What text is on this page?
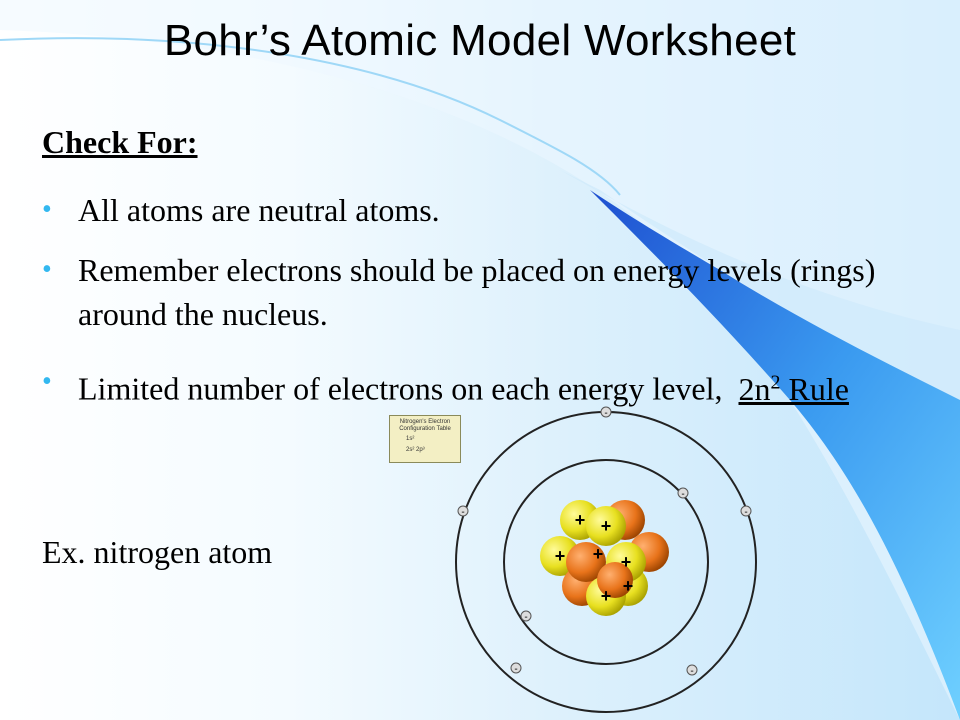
Bohr’s Atomic Model Worksheet
Check For:
• All atoms are neutral atoms.
• Remember electrons should be placed on energy levels (rings) around the nucleus.
• Limited number of electrons on each energy level, $2n^2$ Rule
Nitrogen's Electron Configuration Table
1s²
2s² 2p³
Ex. nitrogen atom
+ +
+	+
+
+
+
-
-	-
-	-
-
-
